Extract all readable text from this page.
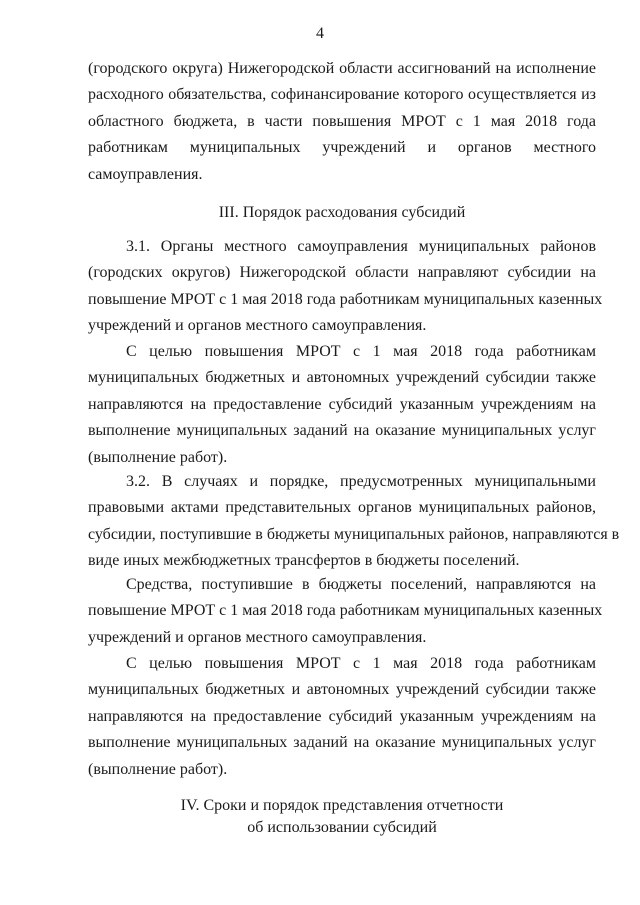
4
(городского округа) Нижегородской области ассигнований на исполнение
расходного обязательства, софинансирование которого осуществляется из
областного бюджета, в части повышения МРОТ с 1 мая 2018 года
работникам муниципальных учреждений и органов местного
самоуправления.

III. Порядок расходования субсидий

3.1. Органы местного самоуправления муниципальных районов
(городских округов) Нижегородской области направляют субсидии на
повышение МРОТ с 1 мая 2018 года работникам муниципальных казенных
учреждений и органов местного самоуправления.
С целью повышения МРОТ с 1 мая 2018 года работникам
муниципальных бюджетных и автономных учреждений субсидии также
направляются на предоставление субсидий указанным учреждениям на
выполнение муниципальных заданий на оказание муниципальных услуг
(выполнение работ).
3.2. В случаях и порядке, предусмотренных муниципальными
правовыми актами представительных органов муниципальных районов,
субсидии, поступившие в бюджеты муниципальных районов, направляются в
виде иных межбюджетных трансфертов в бюджеты поселений.
Средства, поступившие в бюджеты поселений, направляются на
повышение МРОТ с 1 мая 2018 года работникам муниципальных казенных
учреждений и органов местного самоуправления.
С целью повышения МРОТ с 1 мая 2018 года работникам
муниципальных бюджетных и автономных учреждений субсидии также
направляются на предоставление субсидий указанным учреждениям на
выполнение муниципальных заданий на оказание муниципальных услуг
(выполнение работ).

IV. Сроки и порядок представления отчетности

об использовании субсидий
